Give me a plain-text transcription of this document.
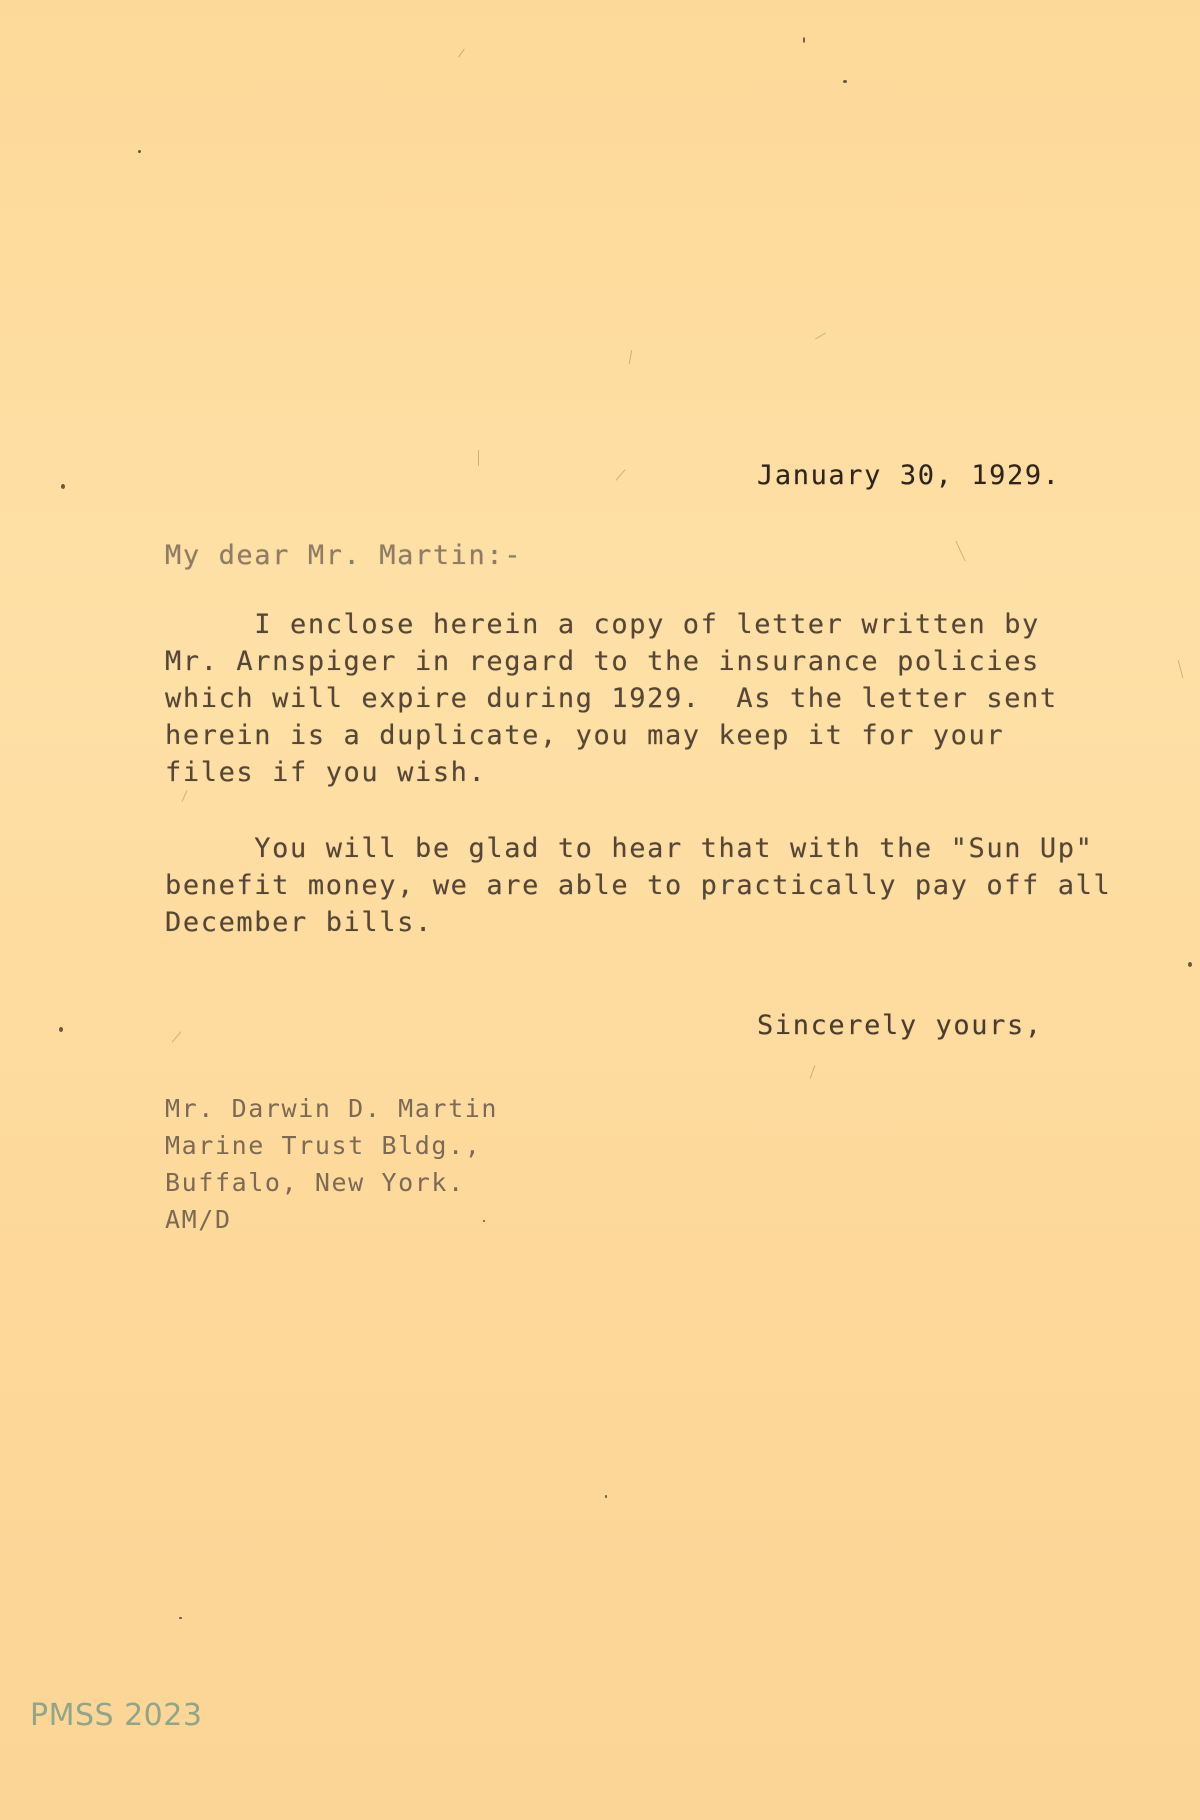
January 30, 1929.

My dear Mr. Martin:-

I enclose herein a copy of letter written by
Mr. Arnspiger in regard to the insurance policies
which will expire during 1929.  As the letter sent
herein is a duplicate, you may keep it for your
files if you wish.
You will be glad to hear that with the "Sun Up"
benefit money, we are able to practically pay off all
December bills.

Sincerely yours,

Mr. Darwin D. Martin
Marine Trust Bldg.,
Buffalo, New York.
AM/D

PMSS 2023
